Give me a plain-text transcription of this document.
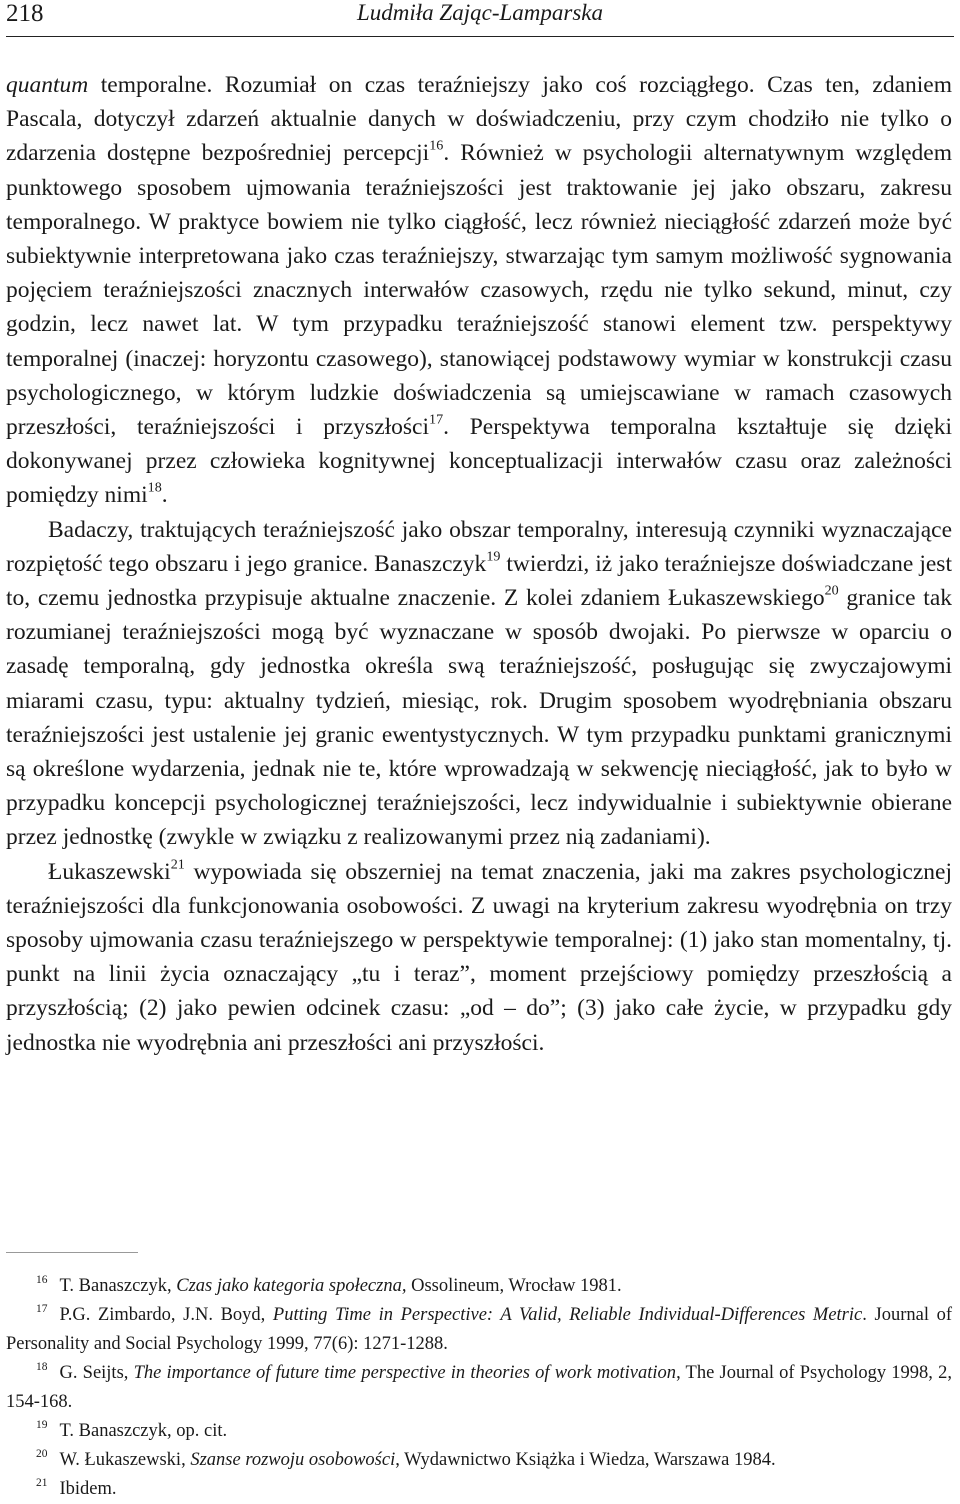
218	Ludmiła Zając-Lamparska

quantum temporalne. Rozumiał on czas teraźniejszy jako coś rozciągłego. Czas ten, zdaniem Pascala, dotyczył zdarzeń aktualnie danych w doświadczeniu, przy czym chodziło nie tylko o zdarzenia dostępne bezpośredniej percepcji$^{16}$. Również w psychologii alternatywnym względem punktowego sposobem ujmowania teraźniejszości jest traktowanie jej jako obszaru, zakresu temporalnego. W praktyce bowiem nie tylko ciągłość, lecz również nieciągłość zdarzeń może być subiektywnie interpretowana jako czas teraźniejszy, stwarzając tym samym możliwość sygnowania pojęciem teraźniejszości znacznych interwałów czasowych, rzędu nie tylko sekund, minut, czy godzin, lecz nawet lat. W tym przypadku teraźniejszość stanowi element tzw. perspektywy temporalnej (inaczej: horyzontu czasowego), stanowiącej podstawowy wymiar w konstrukcji czasu psychologicznego, w którym ludzkie doświadczenia są umiejscawiane w ramach czasowych przeszłości, teraźniejszości i przyszłości$^{17}$. Perspektywa temporalna kształtuje się dzięki dokonywanej przez człowieka kognitywnej konceptualizacji interwałów czasu oraz zależności pomiędzy nimi$^{18}$.

Badaczy, traktujących teraźniejszość jako obszar temporalny, interesują czynniki wyznaczające rozpiętość tego obszaru i jego granice. Banaszczyk$^{19}$ twierdzi, iż jako teraźniejsze doświadczane jest to, czemu jednostka przypisuje aktualne znaczenie. Z kolei zdaniem Łukaszewskiego$^{20}$ granice tak rozumianej teraźniejszości mogą być wyznaczane w sposób dwojaki. Po pierwsze w oparciu o zasadę temporalną, gdy jednostka określa swą teraźniejszość, posługując się zwyczajowymi miarami czasu, typu: aktualny tydzień, miesiąc, rok. Drugim sposobem wyodrębniania obszaru teraźniejszości jest ustalenie jej granic ewentystycznych. W tym przypadku punktami granicznymi są określone wydarzenia, jednak nie te, które wprowadzają w sekwencję nieciągłość, jak to było w przypadku koncepcji psychologicznej teraźniejszości, lecz indywidualnie i subiektywnie obierane przez jednostkę (zwykle w związku z realizowanymi przez nią zadaniami).

Łukaszewski$^{21}$ wypowiada się obszerniej na temat znaczenia, jaki ma zakres psychologicznej teraźniejszości dla funkcjonowania osobowości. Z uwagi na kryterium zakresu wyodrębnia on trzy sposoby ujmowania czasu teraźniejszego w perspektywie temporalnej: (1) jako stan momentalny, tj. punkt na linii życia oznaczający „tu i teraz”, moment przejściowy pomiędzy przeszłością a przyszłością; (2) jako pewien odcinek czasu: „od – do”; (3) jako całe życie, w przypadku gdy jednostka nie wyodrębnia ani przeszłości ani przyszłości.

$^{16}$ T. Banaszczyk, Czas jako kategoria społeczna, Ossolineum, Wrocław 1981.

$^{17}$ P.G. Zimbardo, J.N. Boyd, Putting Time in Perspective: A Valid, Reliable Individual-Differences Metric. Journal of Personality and Social Psychology 1999, 77(6): 1271-1288.

$^{18}$ G. Seijts, The importance of future time perspective in theories of work motivation, The Journal of Psychology 1998, 2, 154-168.

$^{19}$ T. Banaszczyk, op. cit.

$^{20}$ W. Łukaszewski, Szanse rozwoju osobowości, Wydawnictwo Książka i Wiedza, Warszawa 1984.

$^{21}$ Ibidem.
